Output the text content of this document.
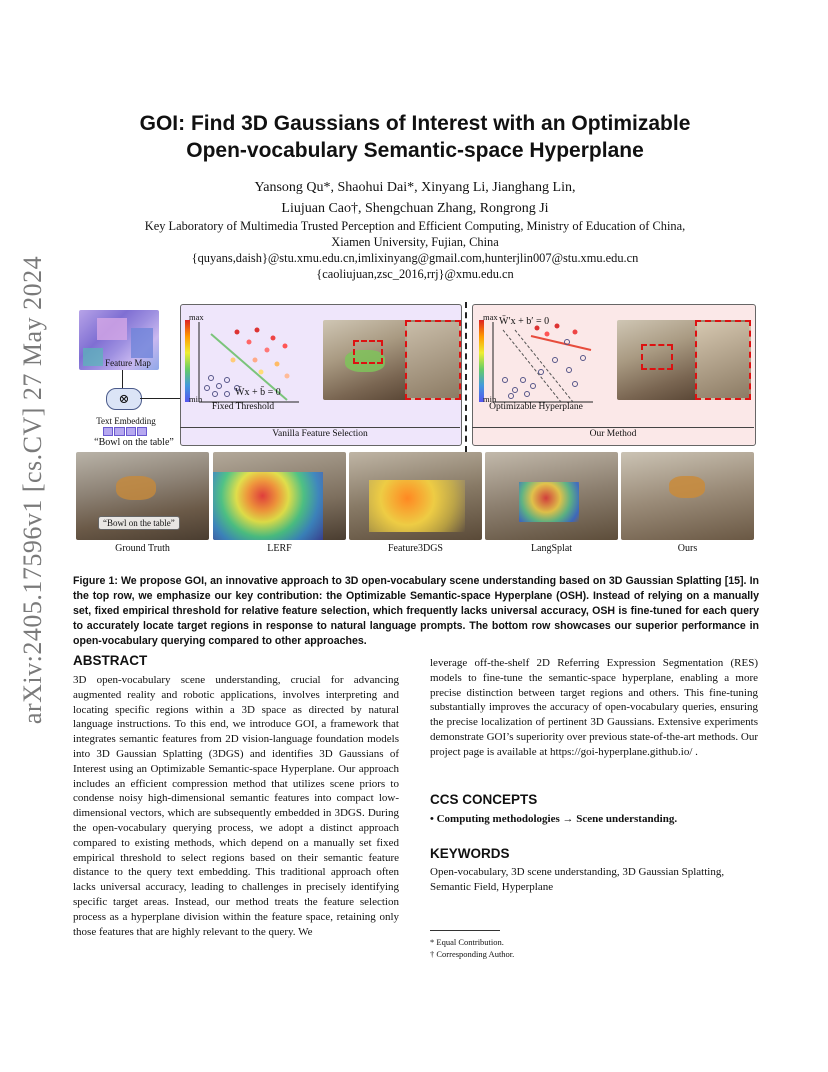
arXiv:2405.17596v1 [cs.CV] 27 May 2024
GOI: Find 3D Gaussians of Interest with an Optimizable
Open-vocabulary Semantic-space Hyperplane
Yansong Qu*, Shaohui Dai*, Xinyang Li, Jianghang Lin,
Liujuan Cao†, Shengchuan Zhang, Rongrong Ji
Key Laboratory of Multimedia Trusted Perception and Efficient Computing, Ministry of Education of China,
Xiamen University, Fujian, China
{quyans,daish}@stu.xmu.edu.cn,imlixinyang@gmail.com,hunterjlin007@stu.xmu.edu.cn
{caoliujuan,zsc_2016,rrj}@xmu.edu.cn
Feature Map
⊗
Text Embedding
“Bowl on the table”
max
min
W̄x + b̄ = 0
Fixed Threshold
max
min
W̄′x + b′ = 0
Optimizable Hyperplane
Vanilla Feature Selection	Our Method
“Bowl on the table”
Ground Truth	LERF	Feature3DGS	LangSplat	Ours
Figure 1: We propose GOI, an innovative approach to 3D open-vocabulary scene understanding based on 3D Gaussian Splatting [15]. In the top row, we emphasize our key contribution: the Optimizable Semantic-space Hyperplane (OSH). Instead of relying on a manually set, fixed empirical threshold for relative feature selection, which frequently lacks universal accuracy, OSH is fine-tuned for each query to accurately locate target regions in response to natural language prompts. The bottom row showcases our superior performance in open-vocabulary querying compared to other approaches.
ABSTRACT
3D open-vocabulary scene understanding, crucial for advancing augmented reality and robotic applications, involves interpreting and locating specific regions within a 3D space as directed by natural language instructions. To this end, we introduce GOI, a framework that integrates semantic features from 2D vision-language foundation models into 3D Gaussian Splatting (3DGS) and identifies 3D Gaussians of Interest using an Optimizable Semantic-space Hyperplane. Our approach includes an efficient compression method that utilizes scene priors to condense noisy high-dimensional semantic features into compact low-dimensional vectors, which are subsequently embedded in 3DGS. During the open-vocabulary querying process, we adopt a distinct approach compared to existing methods, which depend on a manually set fixed empirical threshold to select regions based on their semantic feature distance to the query text embedding. This traditional approach often lacks universal accuracy, leading to challenges in precisely identifying specific target areas. Instead, our method treats the feature selection process as a hyperplane division within the feature space, retaining only those features that are highly relevant to the query. We
leverage off-the-shelf 2D Referring Expression Segmentation (RES) models to fine-tune the semantic-space hyperplane, enabling a more precise distinction between target regions and others. This fine-tuning substantially improves the accuracy of open-vocabulary queries, ensuring the precise localization of pertinent 3D Gaussians. Extensive experiments demonstrate GOI’s superiority over previous state-of-the-art methods. Our project page is available at https://goi-hyperplane.github.io/ .
CCS CONCEPTS
• Computing methodologies → Scene understanding.
KEYWORDS
Open-vocabulary, 3D scene understanding, 3D Gaussian Splatting, Semantic Field, Hyperplane
* Equal Contribution.
† Corresponding Author.
